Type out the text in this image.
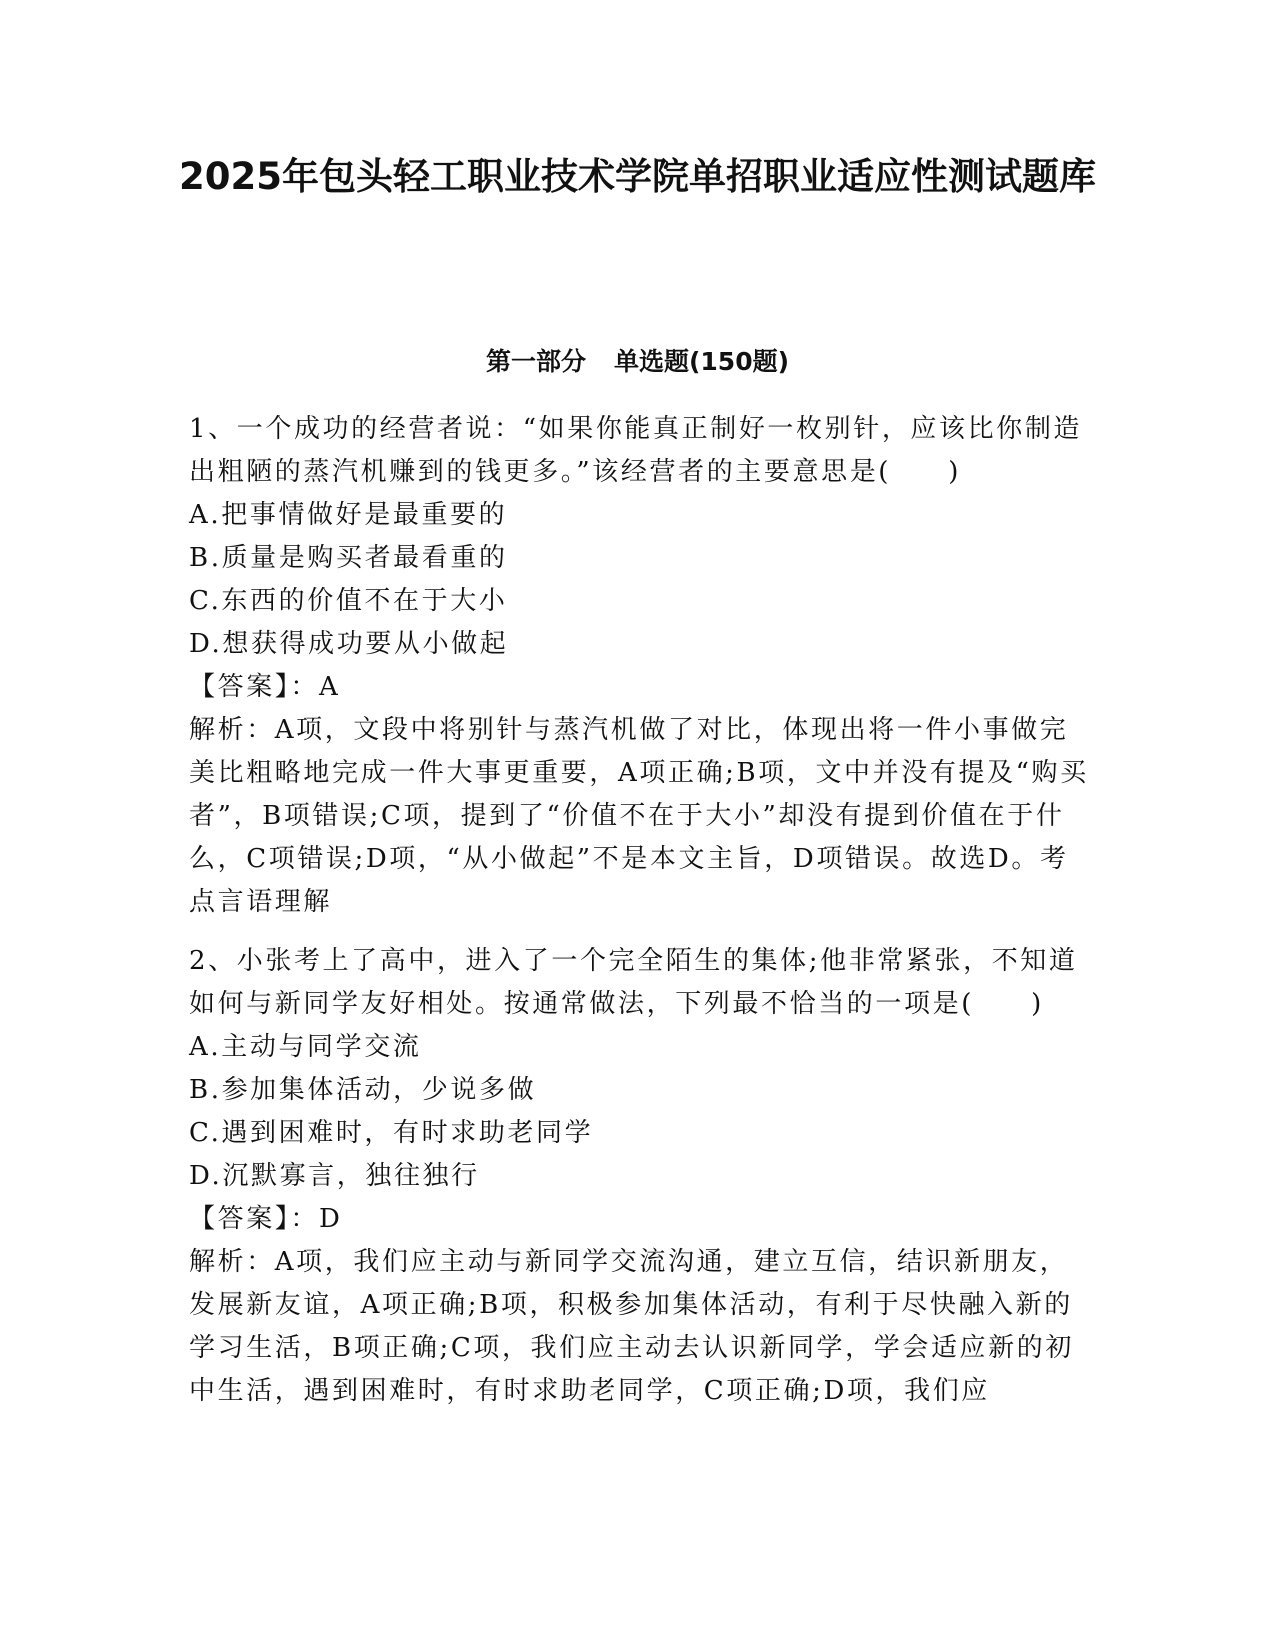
2025年包头轻工职业技术学院单招职业适应性测试题库
第一部分 单选题(150题)
1、一个成功的经营者说：“如果你能真正制好一枚别针，应该比你制造出粗陋的蒸汽机赚到的钱更多。”该经营者的主要意思是(　　)
A.把事情做好是最重要的
B.质量是购买者最看重的
C.东西的价值不在于大小
D.想获得成功要从小做起
【答案】：A
解析：A项，文段中将别针与蒸汽机做了对比，体现出将一件小事做完美比粗略地完成一件大事更重要，A项正确;B项，文中并没有提及“购买者”，B项错误;C项，提到了“价值不在于大小”却没有提到价值在于什么，C项错误;D项，“从小做起”不是本文主旨，D项错误。故选D。考点言语理解
2、小张考上了高中，进入了一个完全陌生的集体;他非常紧张，不知道如何与新同学友好相处。按通常做法，下列最不恰当的一项是(　　)
A.主动与同学交流
B.参加集体活动，少说多做
C.遇到困难时，有时求助老同学
D.沉默寡言，独往独行
【答案】：D
解析：A项，我们应主动与新同学交流沟通，建立互信，结识新朋友，发展新友谊，A项正确;B项，积极参加集体活动，有利于尽快融入新的学习生活，B项正确;C项，我们应主动去认识新同学，学会适应新的初中生活，遇到困难时，有时求助老同学，C项正确;D项，我们应
